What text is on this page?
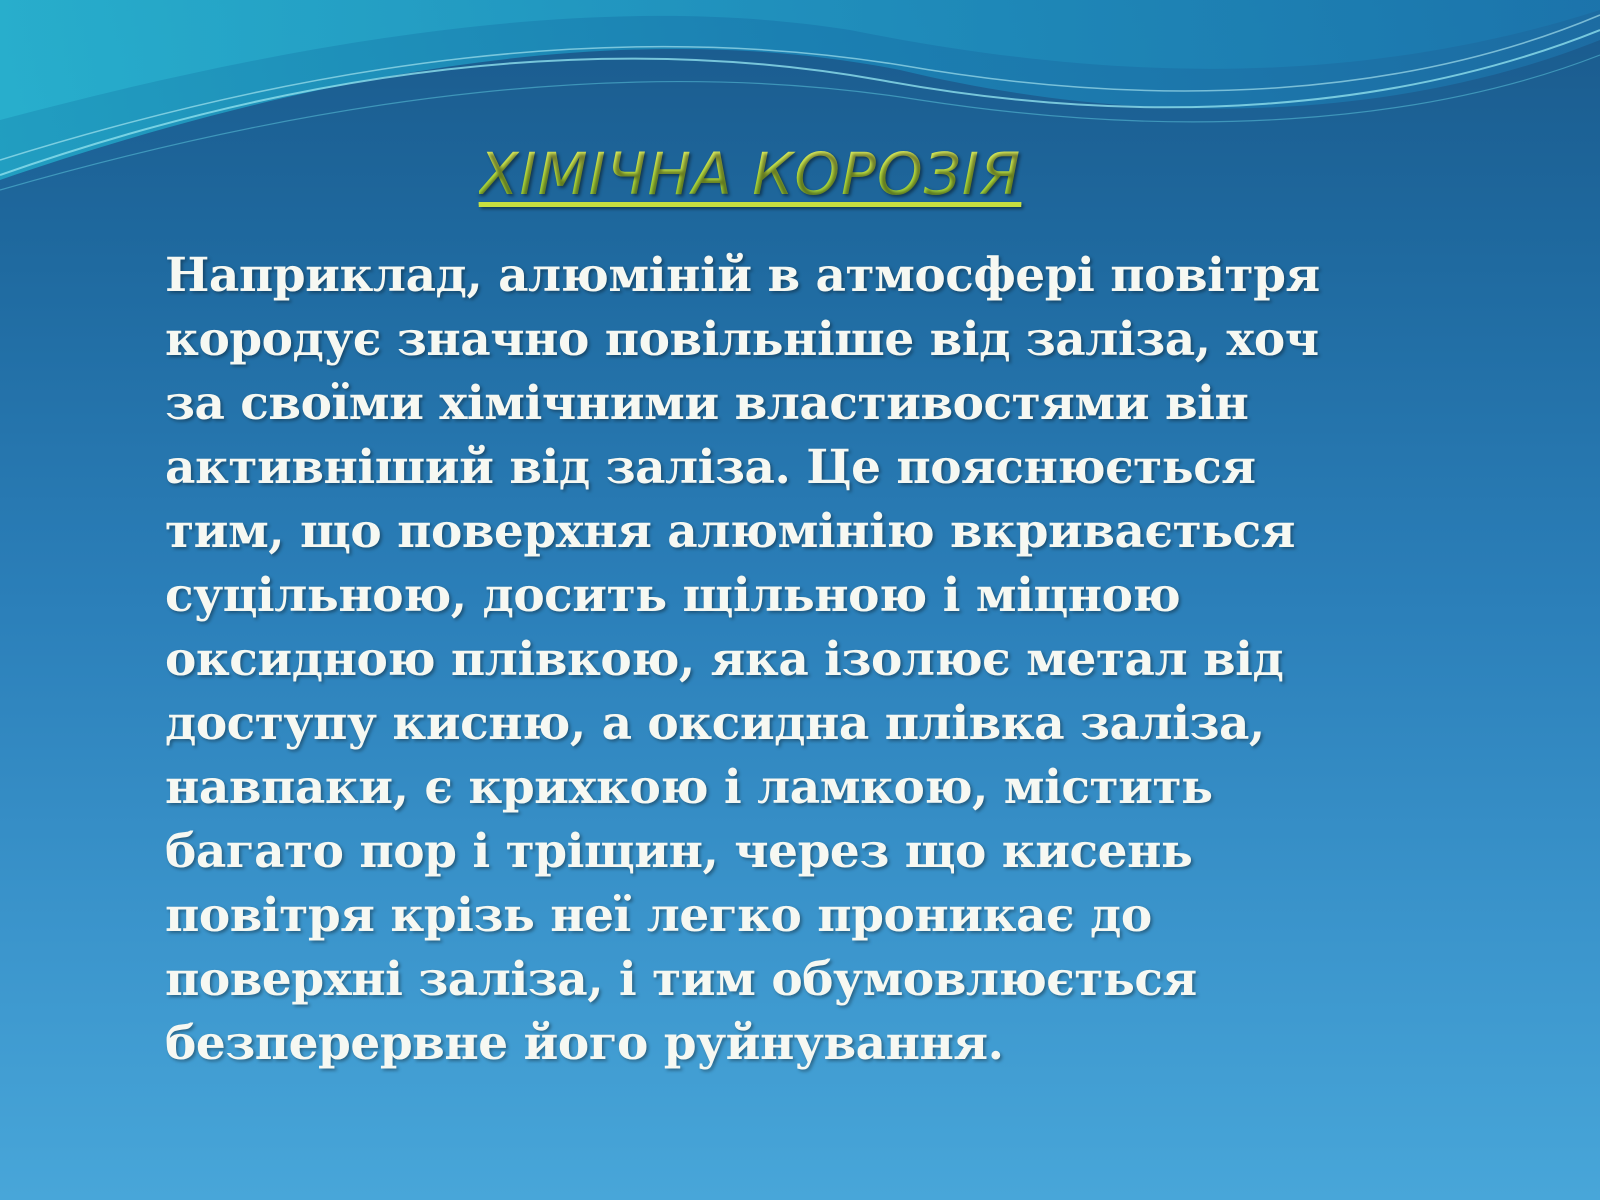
ХІМІЧНА КОРОЗІЯ

Наприклад, алюміній в атмосфері повітря кородує значно повільніше від заліза, хоч за своїми хімічними властивостями він активніший від заліза. Це пояснюється тим, що поверхня алюмінію вкривається суцільною, досить щільною і міцною оксидною плівкою, яка ізолює метал від доступу кисню, а оксидна плівка заліза, навпаки, є крихкою і ламкою, містить багато пор і тріщин, через що кисень повітря крізь неї легко проникає до поверхні заліза, і тим обумовлюється безперервне його руйнування.
